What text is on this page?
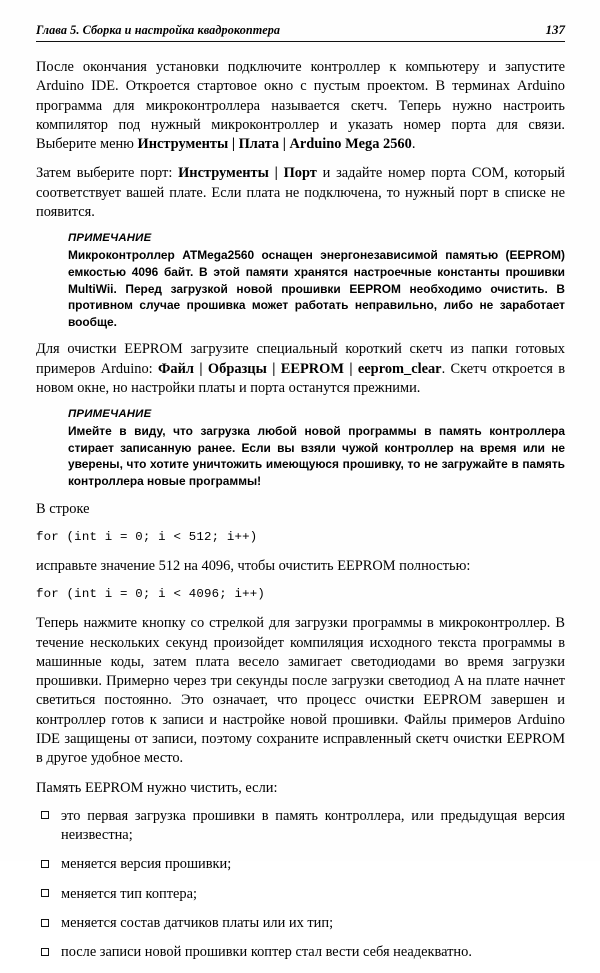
Глава 5. Сборка и настройка квадрокоптера	137

После окончания установки подключите контроллер к компьютеру и запустите Arduino IDE. Откроется стартовое окно с пустым проектом. В терминах Arduino программа для микроконтроллера называется скетч. Теперь нужно настроить компилятор под нужный микроконтроллер и указать номер порта для связи. Выберите меню Инструменты | Плата | Arduino Mega 2560.

Затем выберите порт: Инструменты | Порт и задайте номер порта COM, который соответствует вашей плате. Если плата не подключена, то нужный порт в списке не появится.

ПРИМЕЧАНИЕ
Микроконтроллер ATMega2560 оснащен энергонезависимой памятью (EEPROM) емкостью 4096 байт. В этой памяти хранятся настроечные константы прошивки MultiWii. Перед загрузкой новой прошивки EEPROM необходимо очистить. В противном случае прошивка может работать неправильно, либо не заработает вообще.

Для очистки EEPROM загрузите специальный короткий скетч из папки готовых примеров Arduino: Файл | Образцы | EEPROM | eeprom_clear. Скетч откроется в новом окне, но настройки платы и порта останутся прежними.

ПРИМЕЧАНИЕ
Имейте в виду, что загрузка любой новой программы в память контроллера стирает записанную ранее. Если вы взяли чужой контроллер на время или не уверены, что хотите уничтожить имеющуюся прошивку, то не загружайте в память контроллера новые программы!

В строке

for (int i = 0; i < 512; i++)

исправьте значение 512 на 4096, чтобы очистить EEPROM полностью:

for (int i = 0; i < 4096; i++)

Теперь нажмите кнопку со стрелкой для загрузки программы в микроконтроллер. В течение нескольких секунд произойдет компиляция исходного текста программы в машинные коды, затем плата весело замигает светодиодами во время загрузки прошивки. Примерно через три секунды после загрузки светодиод A на плате начнет светиться постоянно. Это означает, что процесс очистки EEPROM завершен и контроллер готов к записи и настройке новой прошивки. Файлы примеров Arduino IDE защищены от записи, поэтому сохраните исправленный скетч очистки EEPROM в другое удобное место.

Память EEPROM нужно чистить, если:

это первая загрузка прошивки в память контроллера, или предыдущая версия неизвестна;
меняется версия прошивки;
меняется тип коптера;
меняется состав датчиков платы или их тип;
после записи новой прошивки коптер стал вести себя неадекватно.
